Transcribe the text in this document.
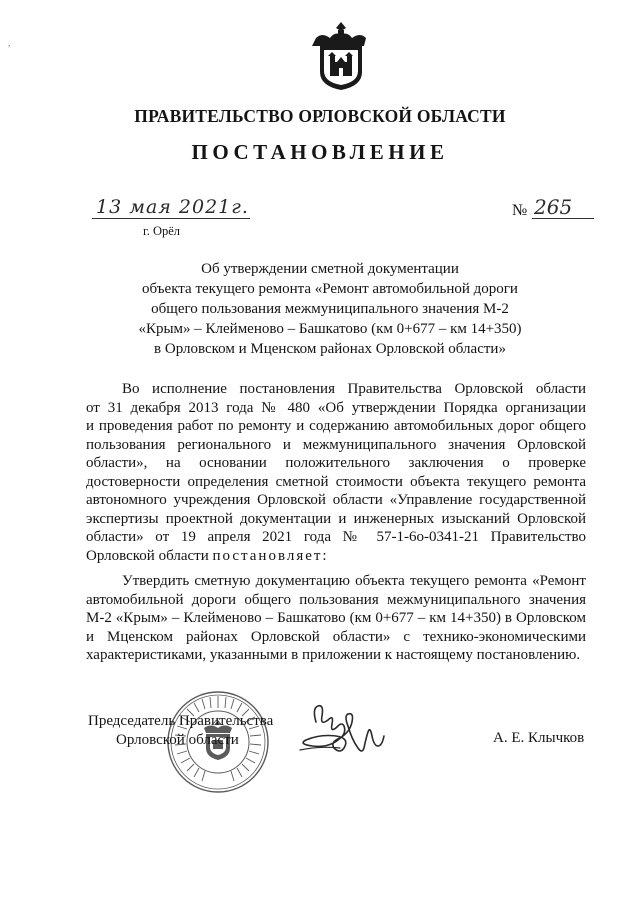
,
ПРАВИТЕЛЬСТВО ОРЛОВСКОЙ ОБЛАСТИ
ПОСТАНОВЛЕНИЕ
13 мая 2021г.
г. Орёл
№ 265
Об утверждении сметной документации
объекта текущего ремонта «Ремонт автомобильной дороги
общего пользования межмуниципального значения М-2
«Крым» – Клейменово – Башкатово (км 0+677 – км 14+350)
в Орловском и Мценском районах Орловской области»
Во исполнение постановления Правительства Орловской области
от 31 декабря 2013 года № 480 «Об утверждении Порядка организации
и проведения работ по ремонту и содержанию автомобильных дорог общего
пользования регионального и межмуниципального значения Орловской
области», на основании положительного заключения о проверке
достоверности определения сметной стоимости объекта текущего ремонта
автономного учреждения Орловской области «Управление государственной
экспертизы проектной документации и инженерных изысканий Орловской
области» от 19 апреля 2021 года № 57-1-6о-0341-21 Правительство
Орловской области постановляет:
Утвердить сметную документацию объекта текущего ремонта «Ремонт
автомобильной дороги общего пользования межмуниципального значения
М-2 «Крым» – Клейменово – Башкатово (км 0+677 – км 14+350) в Орловском
и Мценском районах Орловской области» с технико-экономическими
характеристиками, указанными в приложении к настоящему постановлению.
Председатель Правительства
Орловской области	А. Е. Клычков
